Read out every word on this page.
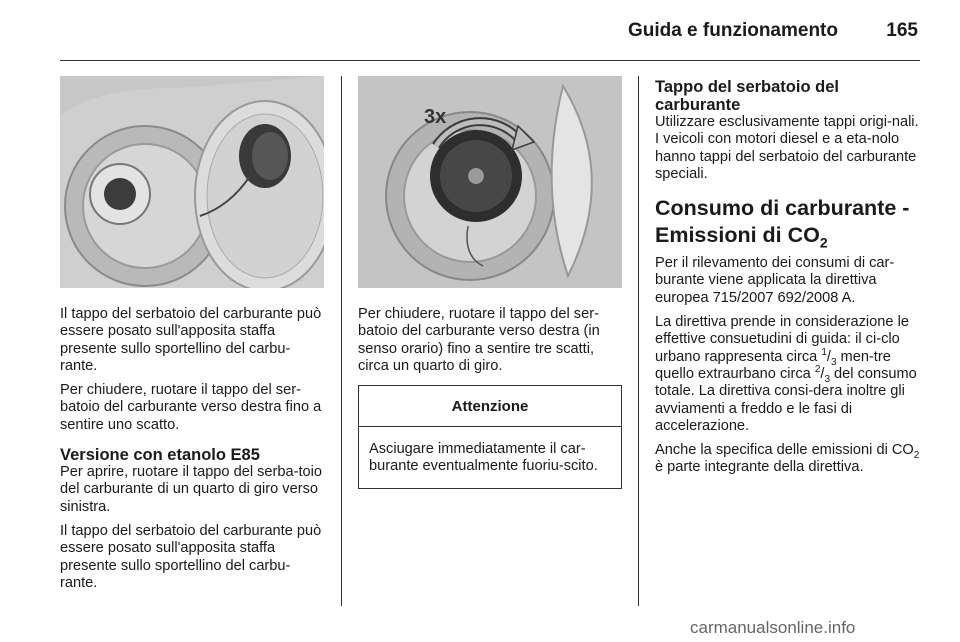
Guida e funzionamento	165

Il tappo del serbatoio del carburante può essere posato sull'apposita staffa presente sullo sportellino del carbu-rante.

Per chiudere, ruotare il tappo del ser-batoio del carburante verso destra fino a sentire uno scatto.

Versione con etanolo E85

Per aprire, ruotare il tappo del serba-toio del carburante di un quarto di giro verso sinistra.

Il tappo del serbatoio del carburante può essere posato sull'apposita staffa presente sullo sportellino del carbu-rante.

3x

Per chiudere, ruotare il tappo del ser-batoio del carburante verso destra (in senso orario) fino a sentire tre scatti, circa un quarto di giro.

Attenzione

Asciugare immediatamente il car-burante eventualmente fuoriu-scito.

Tappo del serbatoio del carburante

Utilizzare esclusivamente tappi origi-nali. I veicoli con motori diesel e a eta-nolo hanno tappi del serbatoio del carburante speciali.

Consumo di carburante - Emissioni di $CO_2$

Per il rilevamento dei consumi di car-burante viene applicata la direttiva europea 715/2007 692/2008 A.

La direttiva prende in considerazione le effettive consuetudini di guida: il ci-clo urbano rappresenta circa $^1/_3$ men-tre quello extraurbano circa $^2/_3$ del consumo totale. La direttiva consi-dera inoltre gli avviamenti a freddo e le fasi di accelerazione.

Anche la specifica delle emissioni di $CO_2$ è parte integrante della direttiva.

carmanualsonline.info
